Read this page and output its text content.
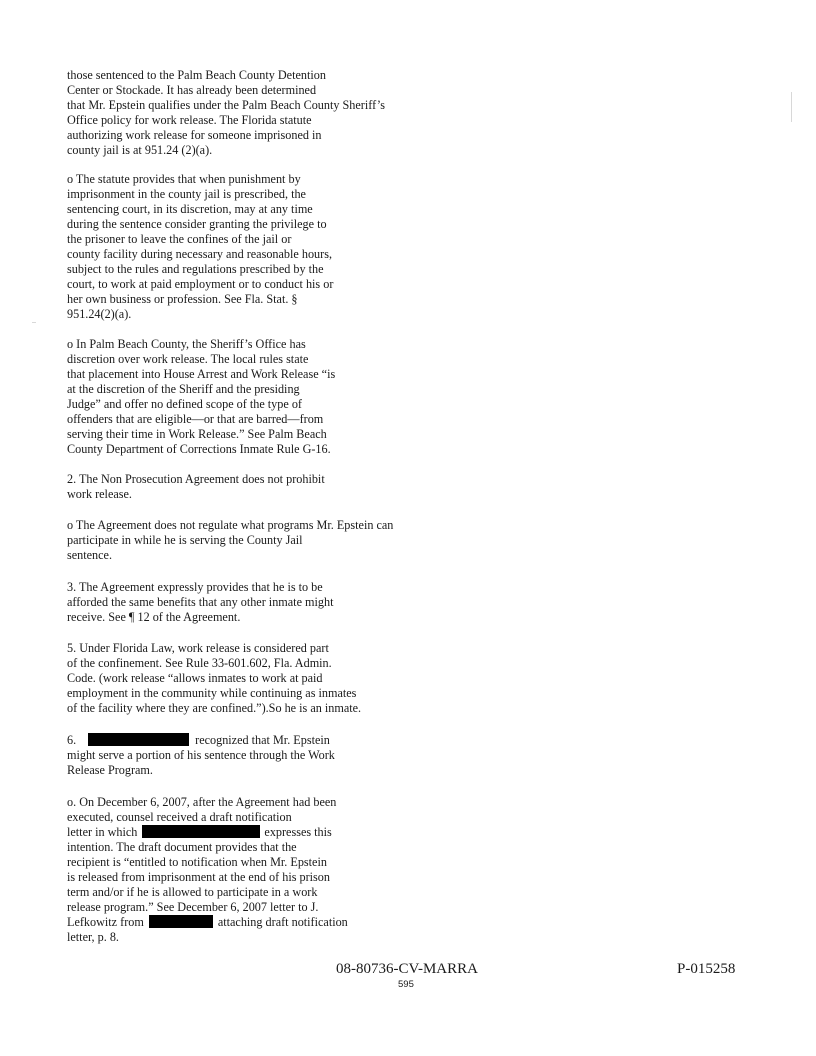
those sentenced to the Palm Beach County Detention
Center or Stockade. It has already been determined
that Mr. Epstein qualifies under the Palm Beach County Sheriff’s
Office policy for work release. The Florida statute
authorizing work release for someone imprisoned in
county jail is at 951.24 (2)(a).
o The statute provides that when punishment by
imprisonment in the county jail is prescribed, the
sentencing court, in its discretion, may at any time
during the sentence consider granting the privilege to
the prisoner to leave the confines of the jail or
county facility during necessary and reasonable hours,
subject to the rules and regulations prescribed by the
court, to work at paid employment or to conduct his or
her own business or profession. See Fla. Stat. §
951.24(2)(a).
o In Palm Beach County, the Sheriff’s Office has
discretion over work release. The local rules state
that placement into House Arrest and Work Release “is
at the discretion of the Sheriff and the presiding
Judge” and offer no defined scope of the type of
offenders that are eligible—or that are barred—from
serving their time in Work Release.” See Palm Beach
County Department of Corrections Inmate Rule G-16.
2. The Non Prosecution Agreement does not prohibit
work release.
o The Agreement does not regulate what programs Mr. Epstein can
participate in while he is serving the County Jail
sentence.
3. The Agreement expressly provides that he is to be
afforded the same benefits that any other inmate might
receive. See ¶ 12 of the Agreement.
5. Under Florida Law, work release is considered part
of the confinement. See Rule 33-601.602, Fla. Admin.
Code. (work release “allows inmates to work at paid
employment in the community while continuing as inmates
of the facility where they are confined.”).So he is an inmate.
6.	recognized that Mr. Epstein
might serve a portion of his sentence through the Work
Release Program.
o. On December 6, 2007, after the Agreement had been
executed, counsel received a draft notification
letter in which	expresses this
intention. The draft document provides that the
recipient is “entitled to notification when Mr. Epstein
is released from imprisonment at the end of his prison
term and/or if he is allowed to participate in a work
release program.” See December 6, 2007 letter to J.
Lefkowitz from	attaching draft notification
letter, p. 8.
08-80736-CV-MARRA
595
P-015258
